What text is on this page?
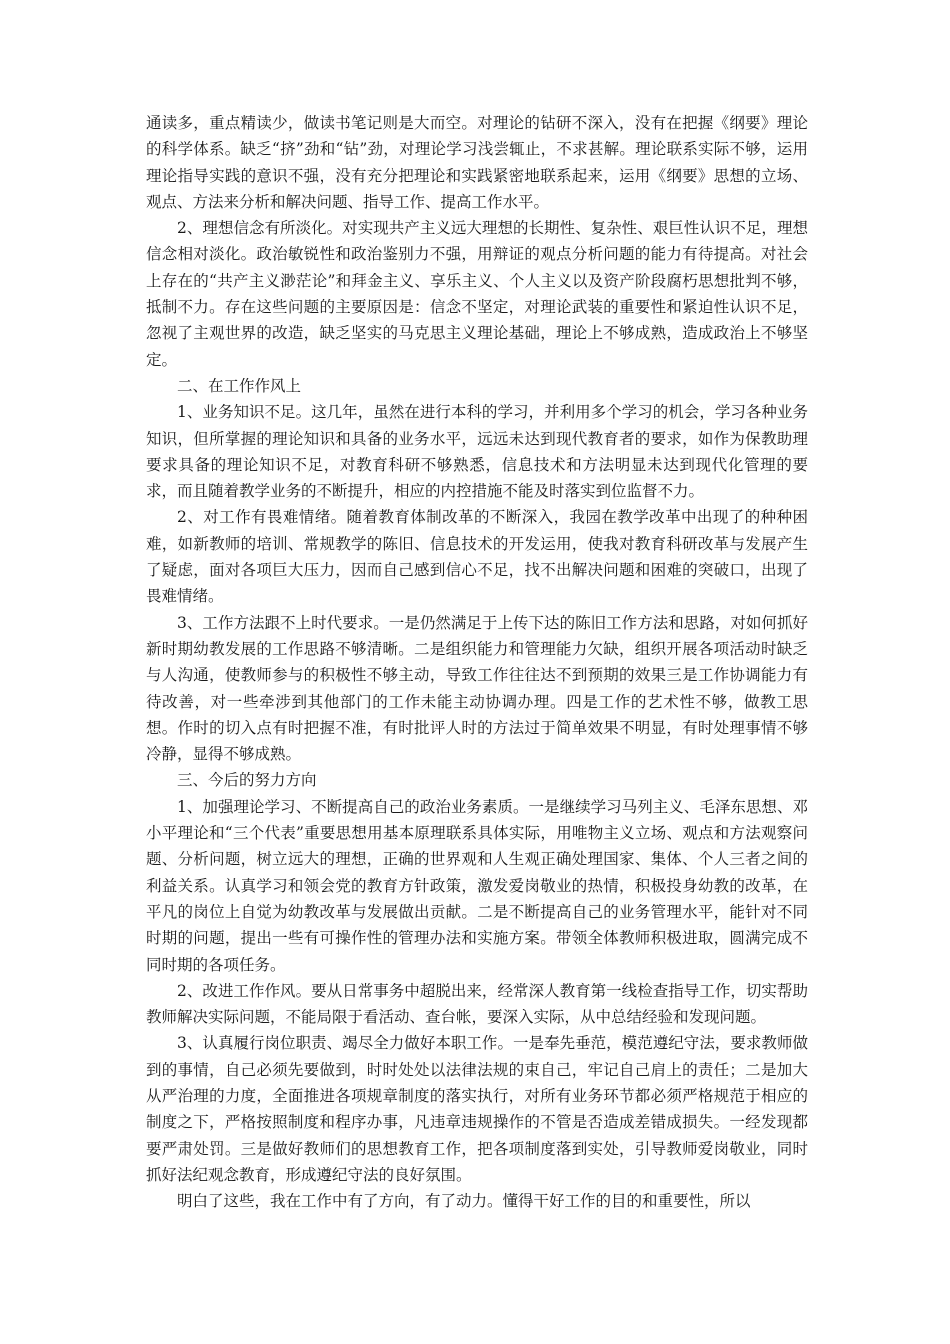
通读多，重点精读少，做读书笔记则是大而空。对理论的钻研不深入，没有在把握《纲要》理论的科学体系。缺乏“挤”劲和“钻”劲，对理论学习浅尝辄止，不求甚解。理论联系实际不够，运用理论指导实践的意识不强，没有充分把理论和实践紧密地联系起来，运用《纲要》思想的立场、观点、方法来分析和解决问题、指导工作、提高工作水平。

2、理想信念有所淡化。对实现共产主义远大理想的长期性、复杂性、艰巨性认识不足，理想信念相对淡化。政治敏锐性和政治鉴别力不强，用辩证的观点分析问题的能力有待提高。对社会上存在的“共产主义渺茫论”和拜金主义、享乐主义、个人主义以及资产阶段腐朽思想批判不够，抵制不力。存在这些问题的主要原因是：信念不坚定，对理论武装的重要性和紧迫性认识不足，忽视了主观世界的改造，缺乏坚实的马克思主义理论基础，理论上不够成熟，造成政治上不够坚定。

二、在工作作风上

1、业务知识不足。这几年，虽然在进行本科的学习，并利用多个学习的机会，学习各种业务知识，但所掌握的理论知识和具备的业务水平，远远未达到现代教育者的要求，如作为保教助理要求具备的理论知识不足，对教育科研不够熟悉，信息技术和方法明显未达到现代化管理的要求，而且随着教学业务的不断提升，相应的内控措施不能及时落实到位监督不力。

2、对工作有畏难情绪。随着教育体制改革的不断深入，我园在教学改革中出现了的种种困难，如新教师的培训、常规教学的陈旧、信息技术的开发运用，使我对教育科研改革与发展产生了疑虑，面对各项巨大压力，因而自己感到信心不足，找不出解决问题和困难的突破口，出现了畏难情绪。

3、工作方法跟不上时代要求。一是仍然满足于上传下达的陈旧工作方法和思路，对如何抓好新时期幼教发展的工作思路不够清晰。二是组织能力和管理能力欠缺，组织开展各项活动时缺乏与人沟通，使教师参与的积极性不够主动，导致工作往往达不到预期的效果三是工作协调能力有待改善，对一些牵涉到其他部门的工作未能主动协调办理。四是工作的艺术性不够，做教工思想。作时的切入点有时把握不准，有时批评人时的方法过于简单效果不明显，有时处理事情不够冷静，显得不够成熟。

三、今后的努力方向

1、加强理论学习、不断提高自己的政治业务素质。一是继续学习马列主义、毛泽东思想、邓小平理论和“三个代表”重要思想用基本原理联系具体实际，用唯物主义立场、观点和方法观察问题、分析问题，树立远大的理想，正确的世界观和人生观正确处理国家、集体、个人三者之间的利益关系。认真学习和领会党的教育方针政策，激发爱岗敬业的热情，积极投身幼教的改革，在平凡的岗位上自觉为幼教改革与发展做出贡献。二是不断提高自己的业务管理水平，能针对不同时期的问题，提出一些有可操作性的管理办法和实施方案。带领全体教师积极进取，圆满完成不同时期的各项任务。

2、改进工作作风。要从日常事务中超脱出来，经常深人教育第一线检查指导工作，切实帮助教师解决实际问题，不能局限于看活动、查台帐，要深入实际，从中总结经验和发现问题。

3、认真履行岗位职责、竭尽全力做好本职工作。一是奉先垂范，模范遵纪守法，要求教师做到的事情，自己必须先要做到，时时处处以法律法规的束自己，牢记自己肩上的责任；二是加大从严治理的力度，全面推进各项规章制度的落实执行，对所有业务环节都必须严格规范于相应的制度之下，严格按照制度和程序办事，凡违章违规操作的不管是否造成差错成损失。一经发现都要严肃处罚。三是做好教师们的思想教育工作，把各项制度落到实处，引导教师爱岗敬业，同时抓好法纪观念教育，形成遵纪守法的良好氛围。

明白了这些，我在工作中有了方向，有了动力。懂得干好工作的目的和重要性，所以
